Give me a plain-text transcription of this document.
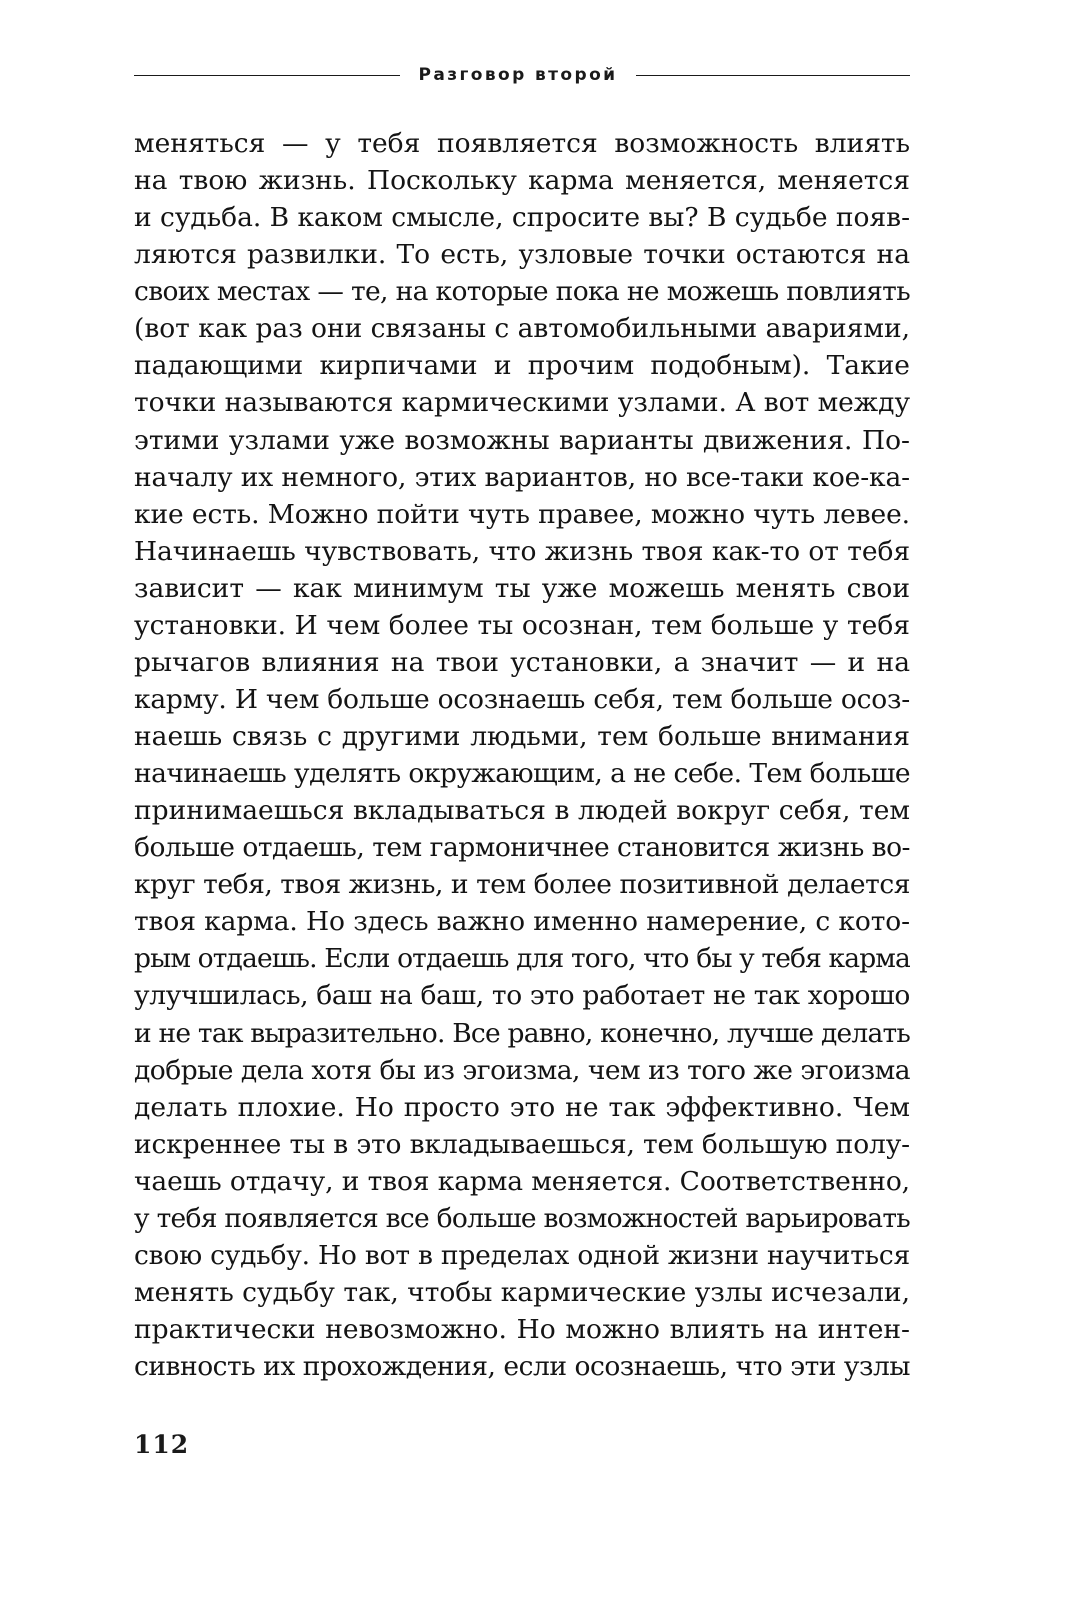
Разговор второй
меняться — у тебя появляется возможность влиять
на твою жизнь. Поскольку карма меняется, меняется
и судьба. В каком смысле, спросите вы? В судьбе появ-
ляются развилки. То есть, узловые точки остаются на
своих местах — те, на которые пока не можешь повлиять
(вот как раз они связаны с автомобильными авариями,
падающими кирпичами и прочим подобным). Такие
точки называются кармическими узлами. А вот между
этими узлами уже возможны варианты движения. По-
началу их немного, этих вариантов, но все-таки кое-ка-
кие есть. Можно пойти чуть правее, можно чуть левее.
Начинаешь чувствовать, что жизнь твоя как-то от тебя
зависит — как минимум ты уже можешь менять свои
установки. И чем более ты осознан, тем больше у тебя
рычагов влияния на твои установки, а значит — и на
карму. И чем больше осознаешь себя, тем больше осоз-
наешь связь с другими людьми, тем больше внимания
начинаешь уделять окружающим, а не себе. Тем больше
принимаешься вкладываться в людей вокруг себя, тем
больше отдаешь, тем гармоничнее становится жизнь во-
круг тебя, твоя жизнь, и тем более позитивной делается
твоя карма. Но здесь важно именно намерение, с кото-
рым отдаешь. Если отдаешь для того, что бы у тебя карма
улучшилась, баш на баш, то это работает не так хорошо
и не так выразительно. Все равно, конечно, лучше делать
добрые дела хотя бы из эгоизма, чем из того же эгоизма
делать плохие. Но просто это не так эффективно. Чем
искреннее ты в это вкладываешься, тем большую полу-
чаешь отдачу, и твоя карма меняется. Соответственно,
у тебя появляется все больше возможностей варьировать
свою судьбу. Но вот в пределах одной жизни научиться
менять судьбу так, чтобы кармические узлы исчезали,
практически невозможно. Но можно влиять на интен-
сивность их прохождения, если осознаешь, что эти узлы
112
